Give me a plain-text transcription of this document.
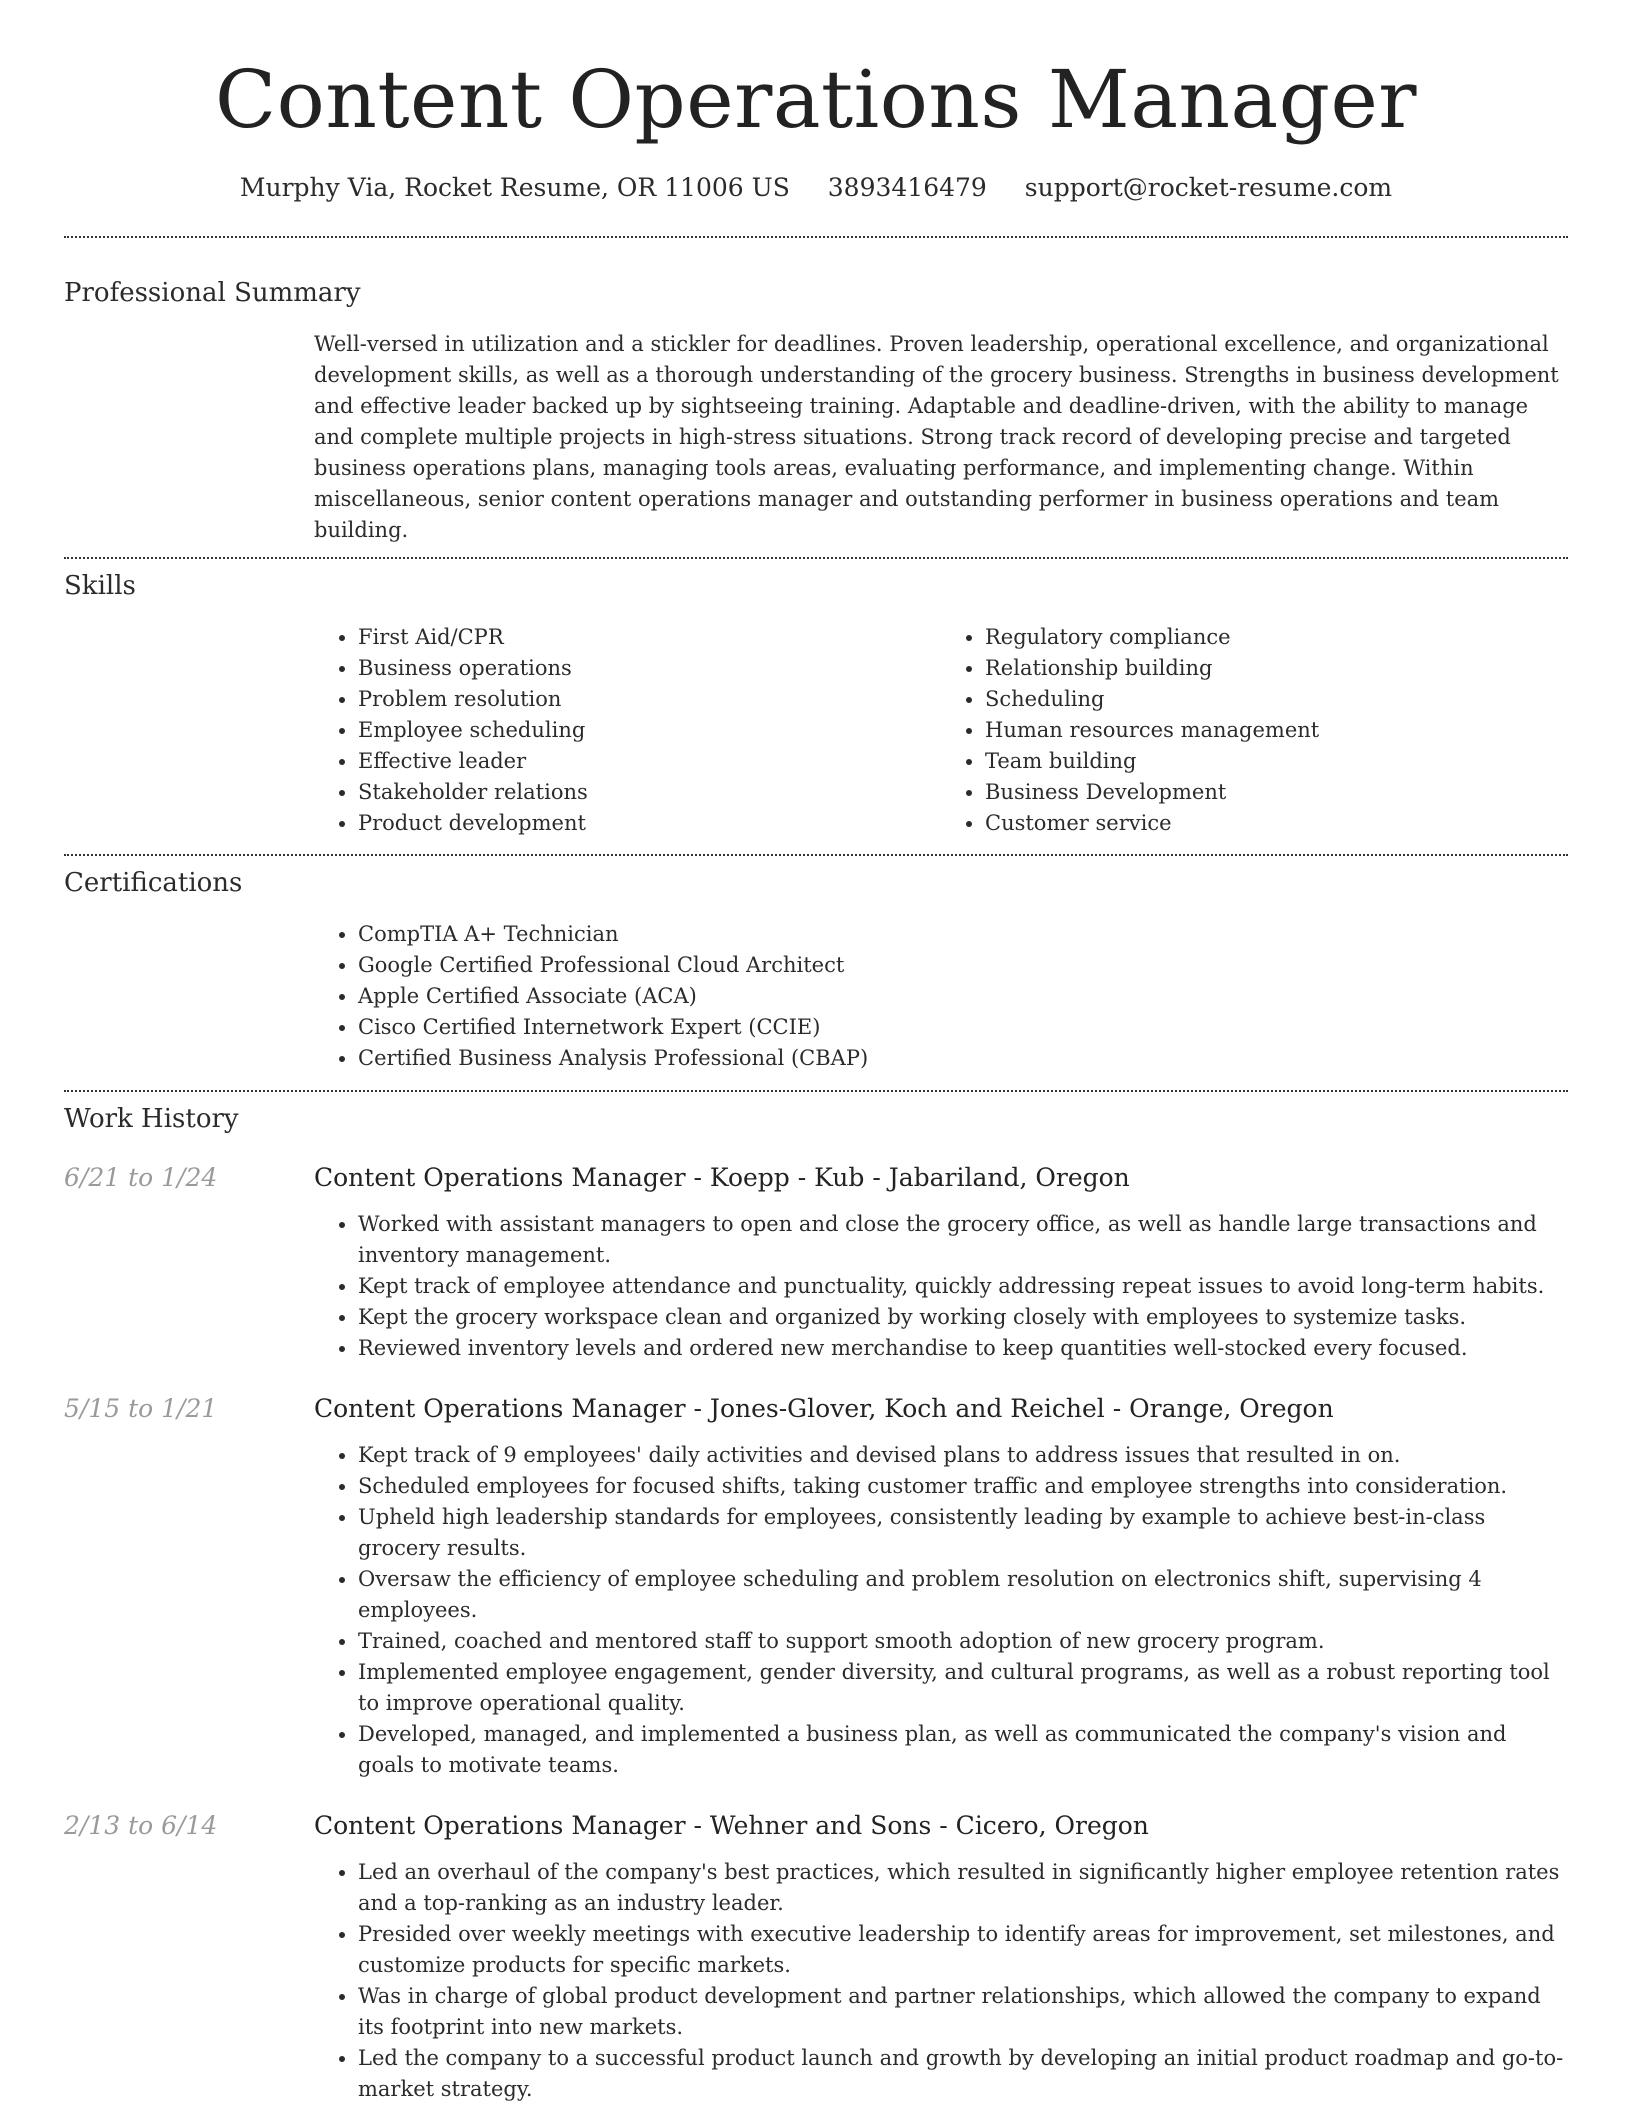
Content Operations Manager
Murphy Via, Rocket Resume, OR 11006 US 3893416479 support@rocket-resume.com
Professional Summary

Well-versed in utilization and a stickler for deadlines. Proven leadership, operational excellence, and organizational development skills, as well as a thorough understanding of the grocery business. Strengths in business development and effective leader backed up by sightseeing training. Adaptable and deadline-driven, with the ability to manage and complete multiple projects in high-stress situations. Strong track record of developing precise and targeted business operations plans, managing tools areas, evaluating performance, and implementing change. Within miscellaneous, senior content operations manager and outstanding performer in business operations and team building.

Skills
• First Aid/CPR
• Business operations
• Problem resolution
• Employee scheduling
• Effective leader
• Stakeholder relations
• Product development
• Regulatory compliance
• Relationship building
• Scheduling
• Human resources management
• Team building
• Business Development
• Customer service
Certifications
• CompTIA A+ Technician
• Google Certified Professional Cloud Architect
• Apple Certified Associate (ACA)
• Cisco Certified Internetwork Expert (CCIE)
• Certified Business Analysis Professional (CBAP)
Work History
6/21 to 1/24	Content Operations Manager - Koepp - Kub - Jabariland, Oregon
• Worked with assistant managers to open and close the grocery office, as well as handle large transactions and inventory management.
• Kept track of employee attendance and punctuality, quickly addressing repeat issues to avoid long-term habits.
• Kept the grocery workspace clean and organized by working closely with employees to systemize tasks.
• Reviewed inventory levels and ordered new merchandise to keep quantities well-stocked every focused.
5/15 to 1/21	Content Operations Manager - Jones-Glover, Koch and Reichel - Orange, Oregon
• Kept track of 9 employees' daily activities and devised plans to address issues that resulted in on.
• Scheduled employees for focused shifts, taking customer traffic and employee strengths into consideration.
• Upheld high leadership standards for employees, consistently leading by example to achieve best-in-class grocery results.
• Oversaw the efficiency of employee scheduling and problem resolution on electronics shift, supervising 4 employees.
• Trained, coached and mentored staff to support smooth adoption of new grocery program.
• Implemented employee engagement, gender diversity, and cultural programs, as well as a robust reporting tool to improve operational quality.
• Developed, managed, and implemented a business plan, as well as communicated the company's vision and goals to motivate teams.
2/13 to 6/14	Content Operations Manager - Wehner and Sons - Cicero, Oregon
• Led an overhaul of the company's best practices, which resulted in significantly higher employee retention rates and a top-ranking as an industry leader.
• Presided over weekly meetings with executive leadership to identify areas for improvement, set milestones, and customize products for specific markets.
• Was in charge of global product development and partner relationships, which allowed the company to expand its footprint into new markets.
• Led the company to a successful product launch and growth by developing an initial product roadmap and go-to-market strategy.
